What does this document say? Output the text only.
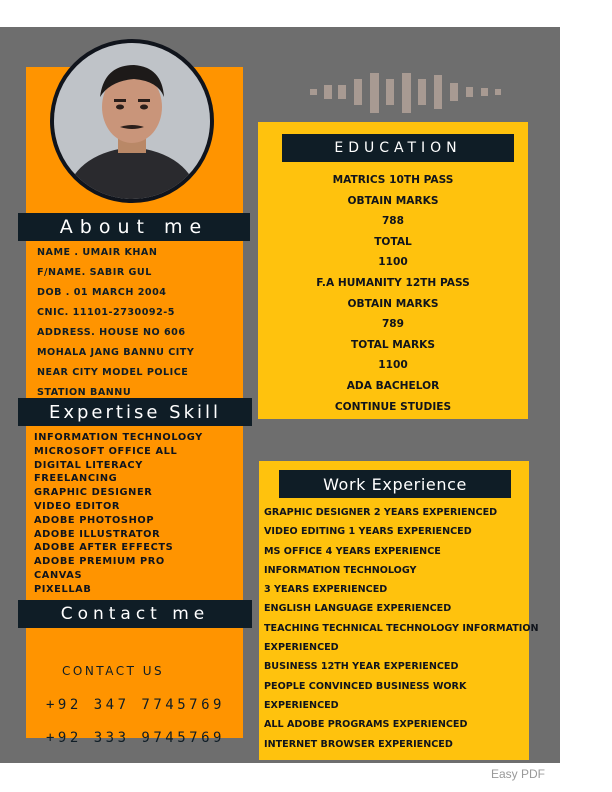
About me
NAME . UMAIR KHAN
F/NAME. SABIR GUL
DOB . 01 MARCH 2004
CNIC. 11101-2730092-5
ADDRESS. HOUSE NO 606
MOHALA JANG BANNU CITY
NEAR CITY MODEL POLICE
STATION BANNU
Expertise Skill
INFORMATION TECHNOLOGY
MICROSOFT OFFICE ALL
DIGITAL LITERACY
FREELANCING
GRAPHIC DESIGNER
VIDEO EDITOR
ADOBE PHOTOSHOP
ADOBE ILLUSTRATOR
ADOBE AFTER EFFECTS
ADOBE PREMIUM PRO
CANVAS
PIXELLAB
Contact me
CONTACT US
+92 347 7745769
+92 333 9745769
EDUCATION
MATRICS 10TH PASS
OBTAIN MARKS
788
TOTAL
1100
F.A HUMANITY 12TH PASS
OBTAIN MARKS
789
TOTAL MARKS
1100
ADA BACHELOR
CONTINUE STUDIES
Work Experience
GRAPHIC DESIGNER 2 YEARS EXPERIENCED
VIDEO EDITING 1 YEARS EXPERIENCED
MS OFFICE 4 YEARS EXPERIENCE
INFORMATION TECHNOLOGY
3 YEARS EXPERIENCED
ENGLISH LANGUAGE EXPERIENCED
TEACHING TECHNICAL TECHNOLOGY INFORMATION
EXPERIENCED
BUSINESS 12TH YEAR EXPERIENCED
PEOPLE CONVINCED BUSINESS WORK
EXPERIENCED
ALL ADOBE PROGRAMS EXPERIENCED
INTERNET BROWSER EXPERIENCED
Easy PDF
